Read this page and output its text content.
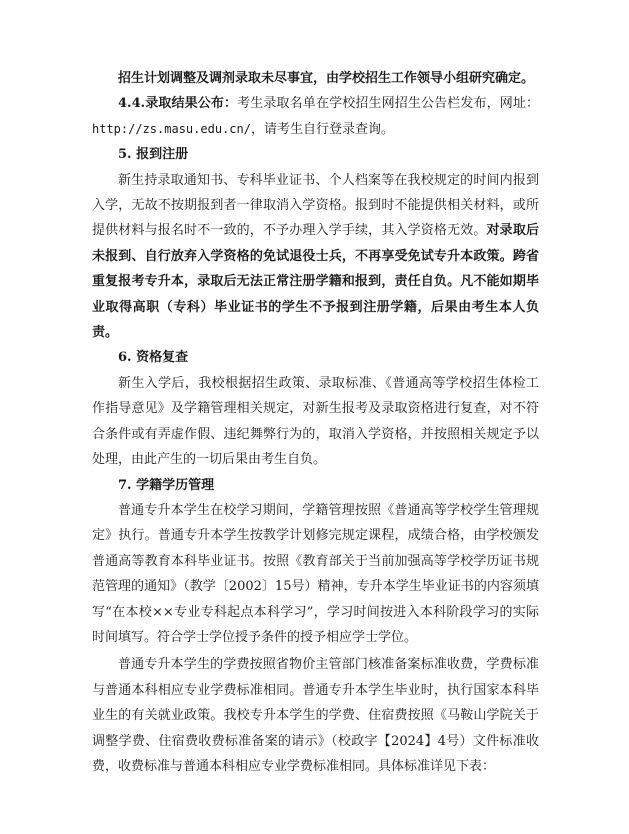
招生计划调整及调剂录取未尽事宜，由学校招生工作领导小组研究确定。

4.4.录取结果公布：考生录取名单在学校招生网招生公告栏发布，网址：http://zs.masu.edu.cn/，请考生自行登录查询。

5. 报到注册

新生持录取通知书、专科毕业证书、个人档案等在我校规定的时间内报到入学，无故不按期报到者一律取消入学资格。报到时不能提供相关材料，或所提供材料与报名时不一致的，不予办理入学手续，其入学资格无效。对录取后未报到、自行放弃入学资格的免试退役士兵，不再享受免试专升本政策。跨省重复报考专升本，录取后无法正常注册学籍和报到，责任自负。凡不能如期毕业取得高职（专科）毕业证书的学生不予报到注册学籍，后果由考生本人负责。

6. 资格复查

新生入学后，我校根据招生政策、录取标准、《普通高等学校招生体检工作指导意见》及学籍管理相关规定，对新生报考及录取资格进行复查，对不符合条件或有弄虚作假、违纪舞弊行为的，取消入学资格，并按照相关规定予以处理，由此产生的一切后果由考生自负。

7. 学籍学历管理

普通专升本学生在校学习期间，学籍管理按照《普通高等学校学生管理规定》执行。普通专升本学生按教学计划修完规定课程，成绩合格，由学校颁发普通高等教育本科毕业证书。按照《教育部关于当前加强高等学校学历证书规范管理的通知》（教学〔2002〕15号）精神，专升本学生毕业证书的内容须填写“在本校××专业专科起点本科学习”，学习时间按进入本科阶段学习的实际时间填写。符合学士学位授予条件的授予相应学士学位。

普通专升本学生的学费按照省物价主管部门核准备案标准收费，学费标准与普通本科相应专业学费标准相同。普通专升本学生毕业时，执行国家本科毕业生的有关就业政策。我校专升本学生的学费、住宿费按照《马鞍山学院关于调整学费、住宿费收费标准备案的请示》（校政字【2024】4号）文件标准收费，收费标准与普通本科相应专业学费标准相同。具体标准详见下表：
